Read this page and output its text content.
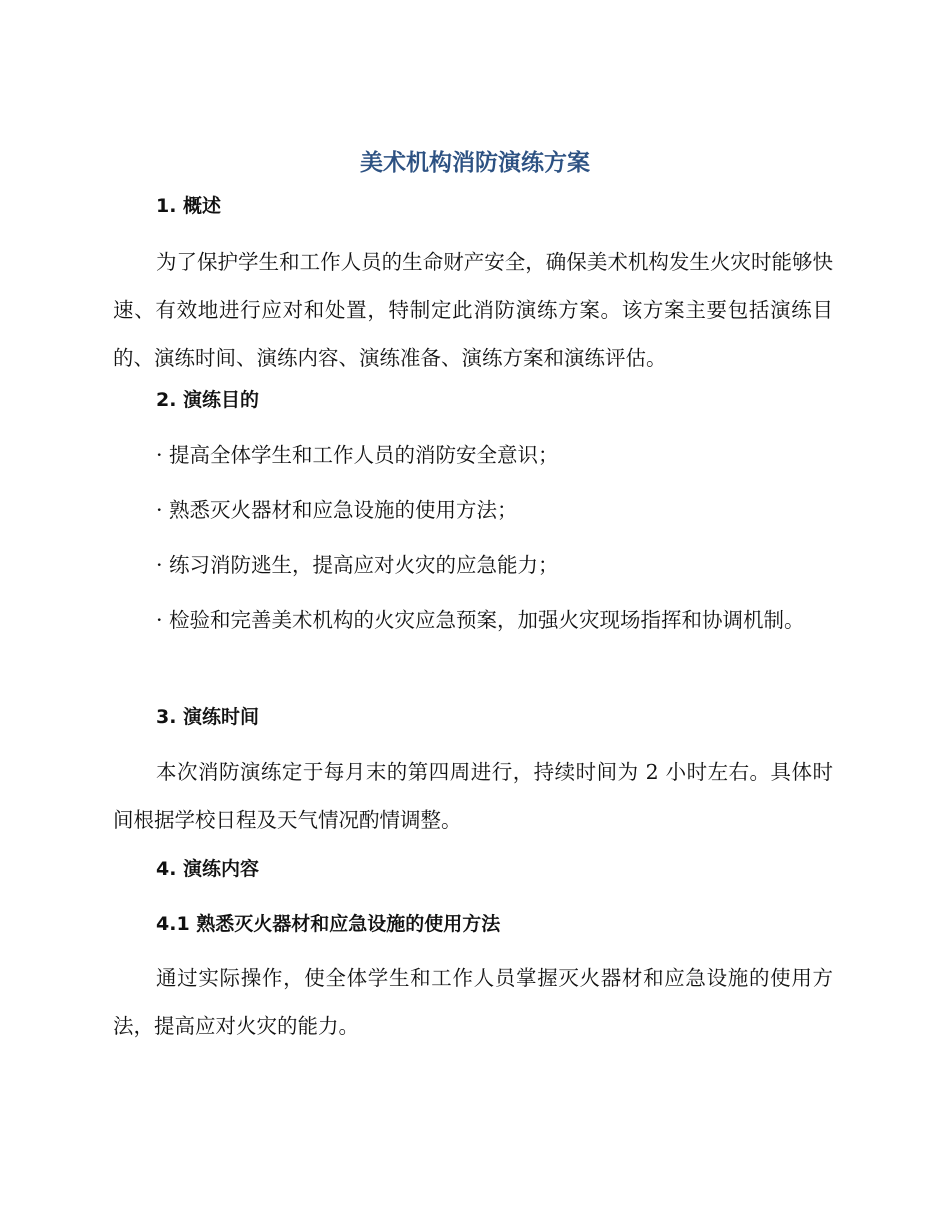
美术机构消防演练方案
1. 概述

为了保护学生和工作人员的生命财产安全，确保美术机构发生火灾时能够快速、有效地进行应对和处置，特制定此消防演练方案。该方案主要包括演练目的、演练时间、演练内容、演练准备、演练方案和演练评估。

2. 演练目的

· 提高全体学生和工作人员的消防安全意识；

· 熟悉灭火器材和应急设施的使用方法；

· 练习消防逃生，提高应对火灾的应急能力；

· 检验和完善美术机构的火灾应急预案，加强火灾现场指挥和协调机制。

3. 演练时间

本次消防演练定于每月末的第四周进行，持续时间为 2 小时左右。具体时间根据学校日程及天气情况酌情调整。

4. 演练内容
4.1 熟悉灭火器材和应急设施的使用方法

通过实际操作，使全体学生和工作人员掌握灭火器材和应急设施的使用方法，提高应对火灾的能力。
